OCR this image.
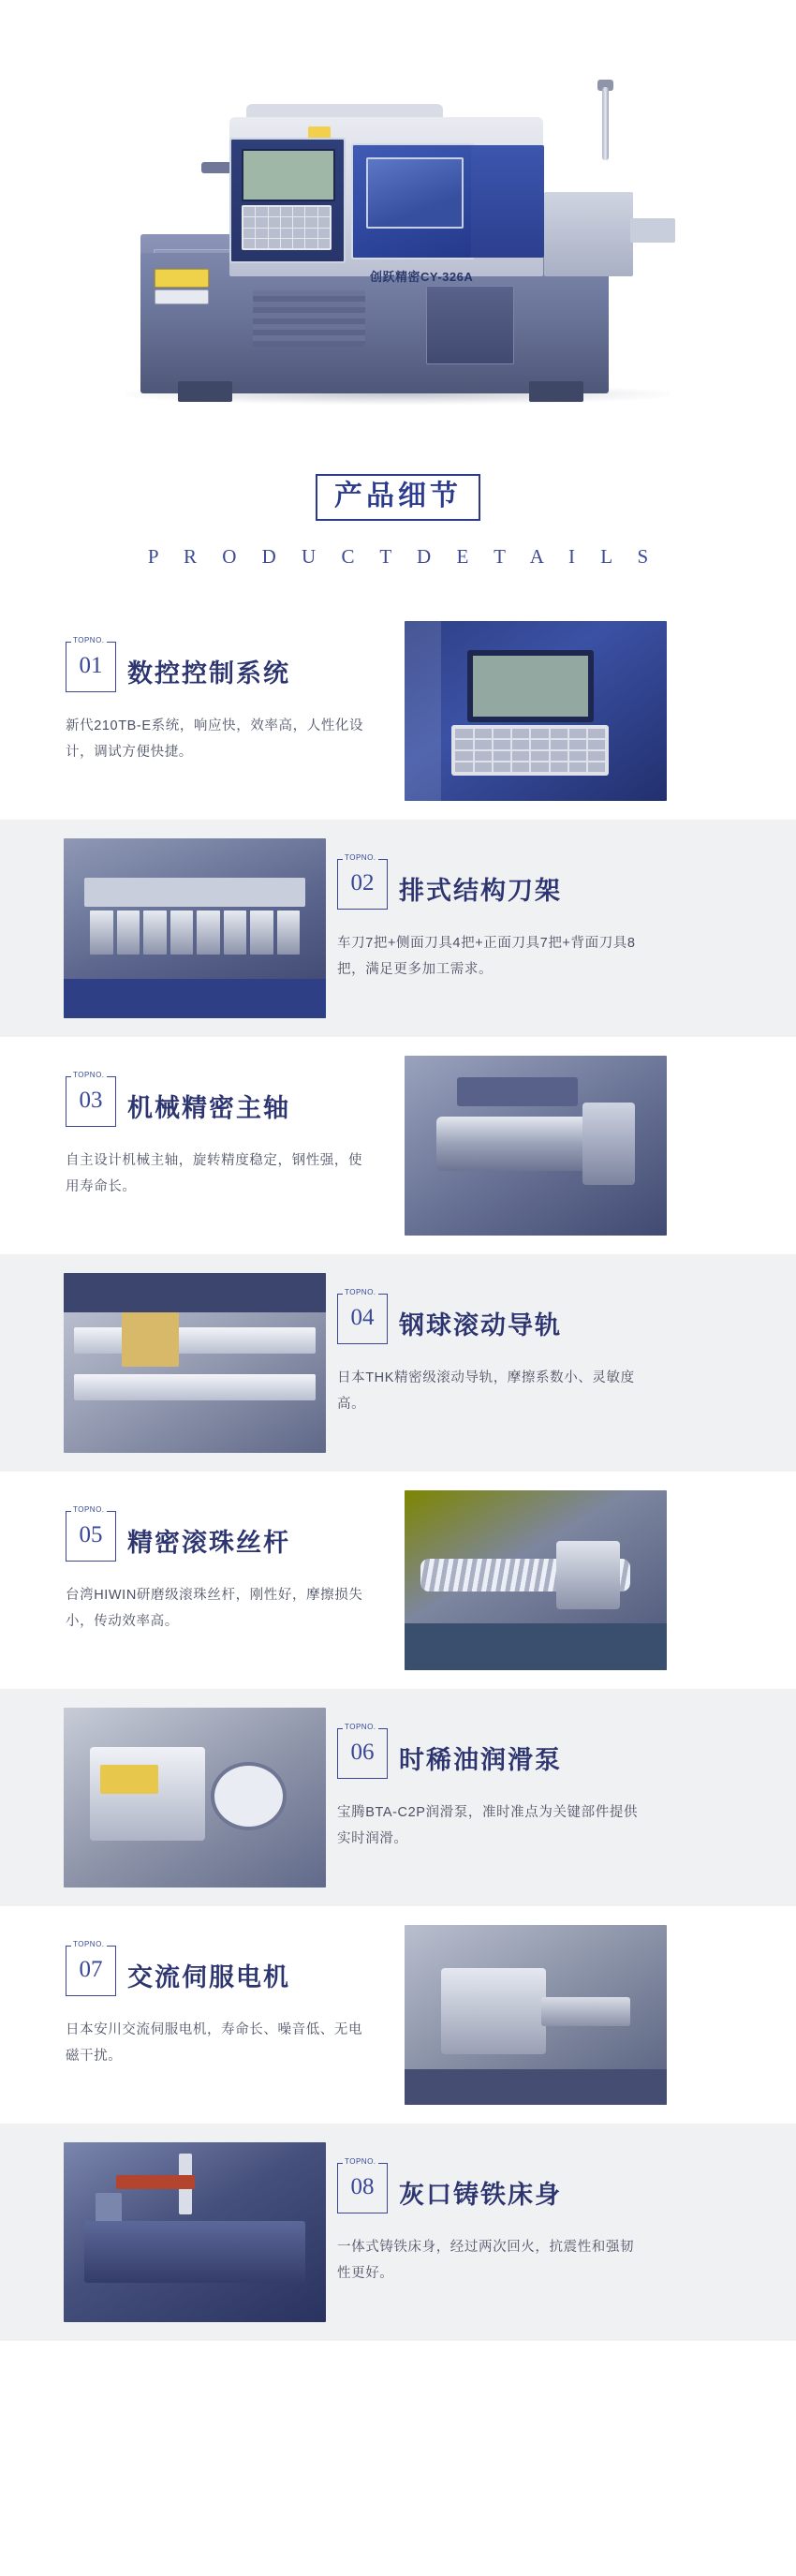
创跃精密CY-326A
产品细节
P R O D U C T D E T A I L S
TOPNO.
01 数控控制系统
新代210TB-E系统，响应快，效率高，人性化设计，调试方便快捷。
TOPNO.
02 排式结构刀架
车刀7把+侧面刀具4把+正面刀具7把+背面刀具8把，满足更多加工需求。
TOPNO.
03 机械精密主轴
自主设计机械主轴，旋转精度稳定，钢性强，使用寿命长。
TOPNO.
04 钢球滚动导轨
日本THK精密级滚动导轨，摩擦系数小、灵敏度高。
TOPNO.
05 精密滚珠丝杆
台湾HIWIN研磨级滚珠丝杆，刚性好，摩擦损失小，传动效率高。
TOPNO.
06 时稀油润滑泵
宝腾BTA-C2P润滑泵，准时准点为关键部件提供实时润滑。
TOPNO.
07 交流伺服电机
日本安川交流伺服电机，寿命长、噪音低、无电磁干扰。
TOPNO.
08 灰口铸铁床身
一体式铸铁床身，经过两次回火，抗震性和强韧性更好。
